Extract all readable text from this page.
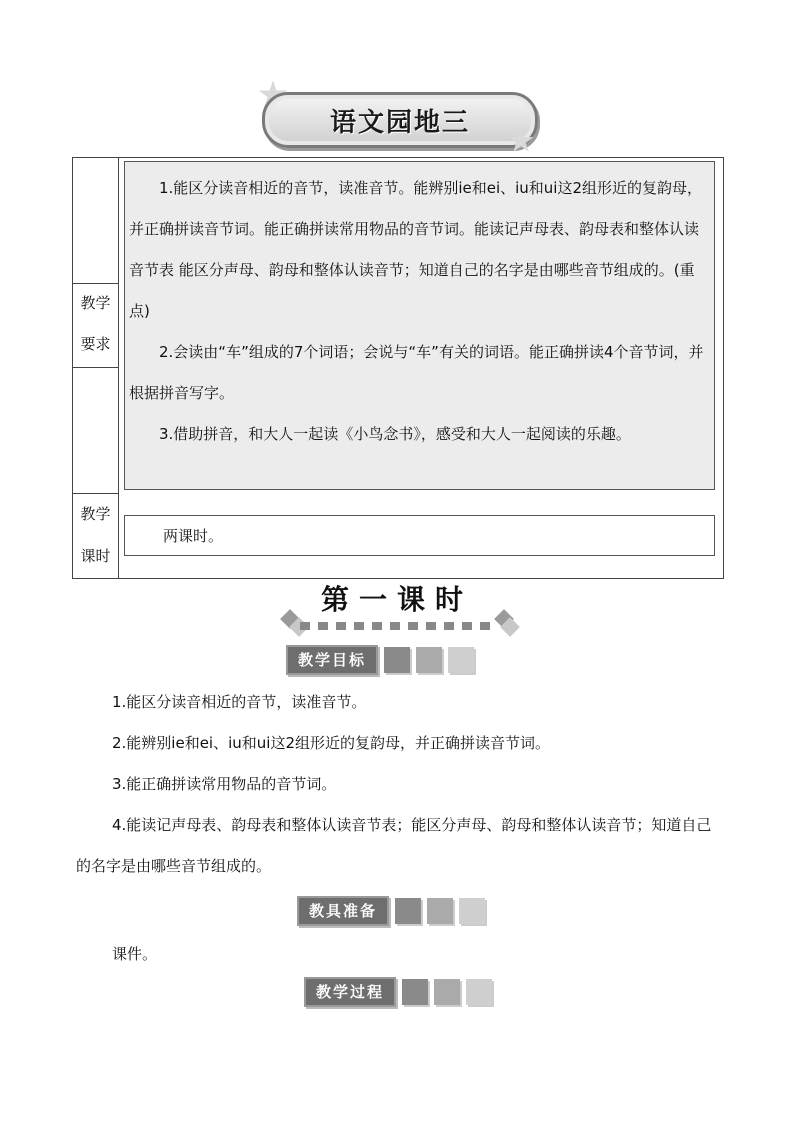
语文园地三
教学
要求
教学
课时

1.能区分读音相近的音节，读准音节。能辨别ie和ei、iu和ui这2组形近的复韵母，并正确拼读音节词。能正确拼读常用物品的音节词。能读记声母表、韵母表和整体认读音节表 能区分声母、韵母和整体认读音节；知道自己的名字是由哪些音节组成的。(重点)

2.会读由“车”组成的7个词语；会说与“车”有关的词语。能正确拼读4个音节词，并根据拼音写字。

3.借助拼音，和大人一起读《小鸟念书》，感受和大人一起阅读的乐趣。

两课时。
第一课时
教学目标

1.能区分读音相近的音节，读准音节。

2.能辨别ie和ei、iu和ui这2组形近的复韵母，并正确拼读音节词。

3.能正确拼读常用物品的音节词。

4.能读记声母表、韵母表和整体认读音节表；能区分声母、韵母和整体认读音节；知道自己的名字是由哪些音节组成的。

教具准备

课件。

教学过程
